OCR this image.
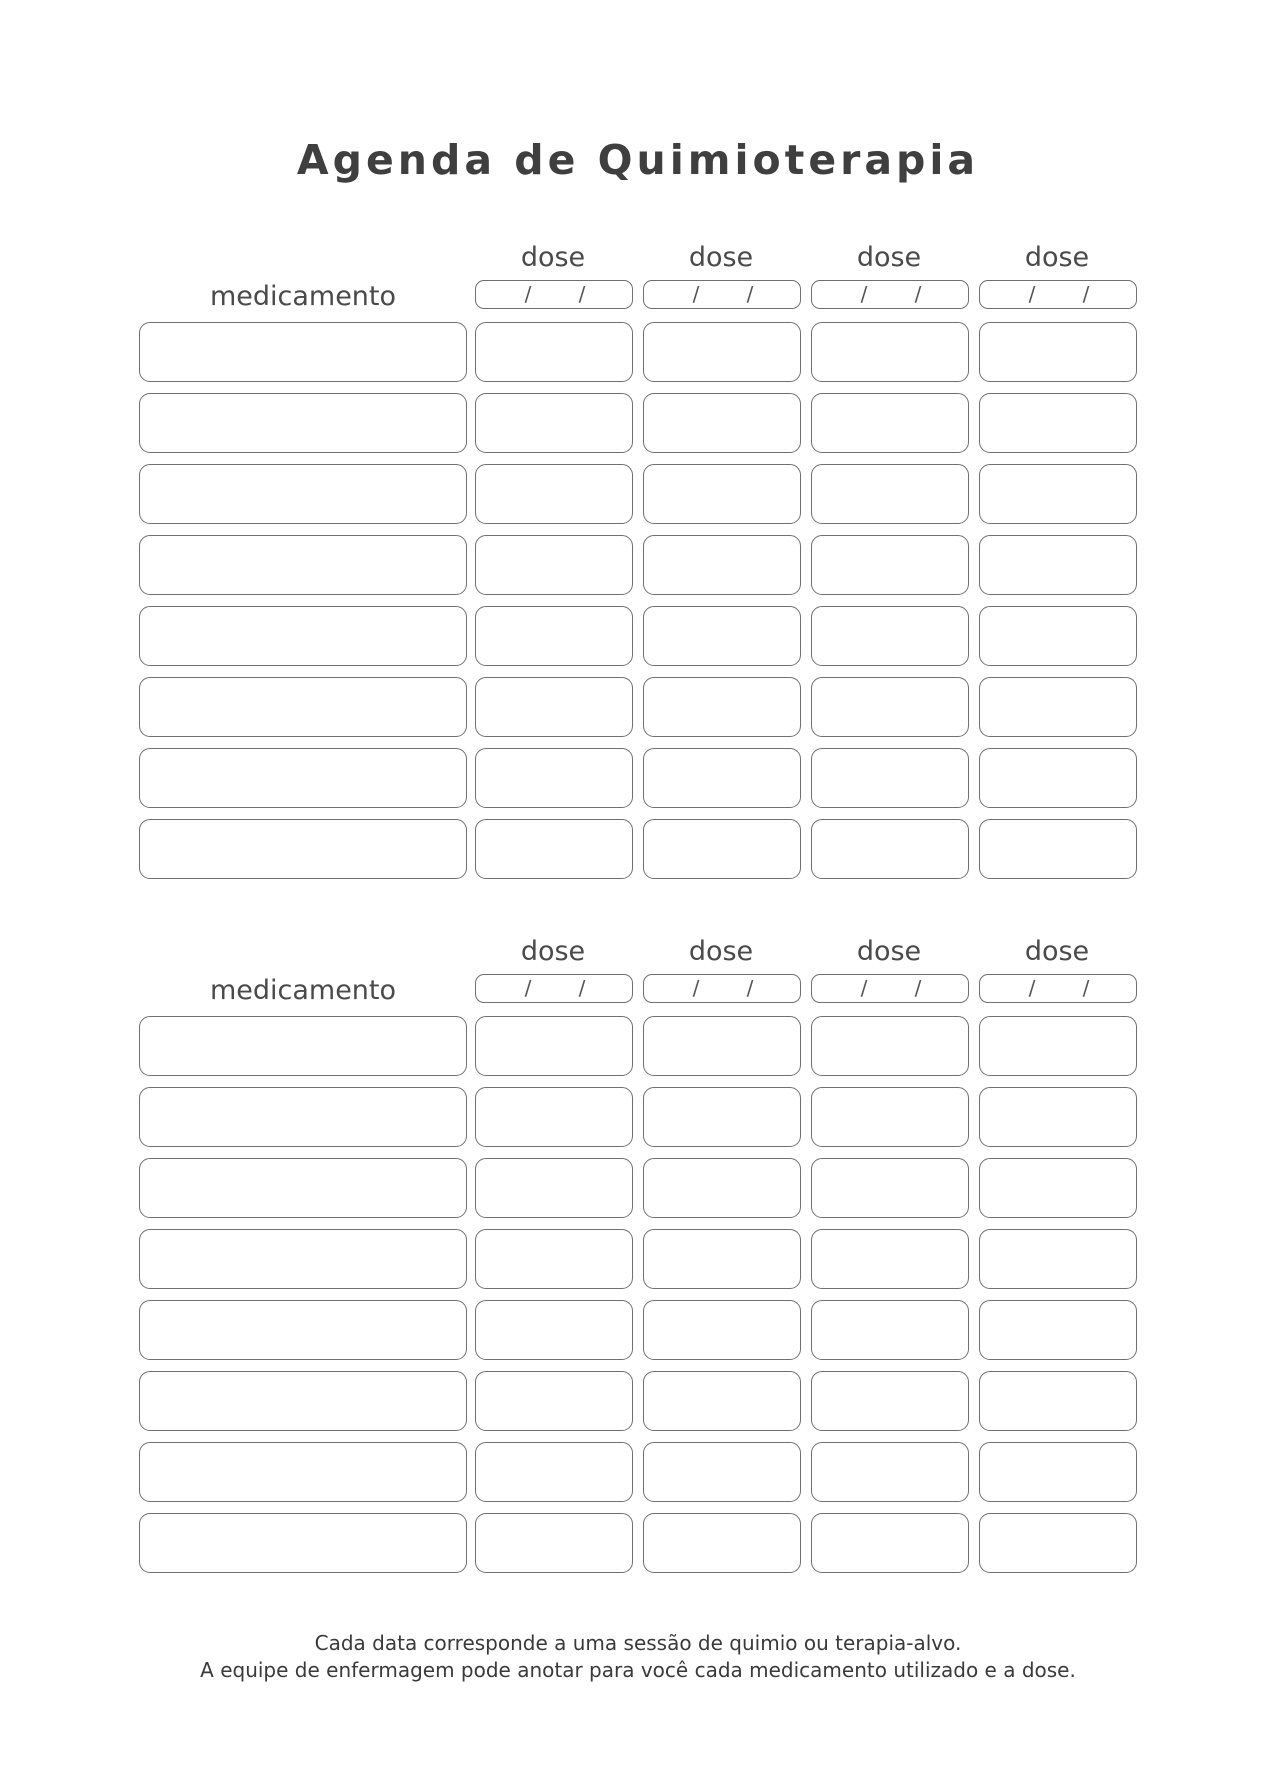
Agenda de Quimioterapia
medicamento
dose
/ /
dose
/ /
dose
/ /
dose
/ /
medicamento
dose
/ /
dose
/ /
dose
/ /
dose
/ /
Cada data corresponde a uma sessão de quimio ou terapia-alvo.
A equipe de enfermagem pode anotar para você cada medicamento utilizado e a dose.
